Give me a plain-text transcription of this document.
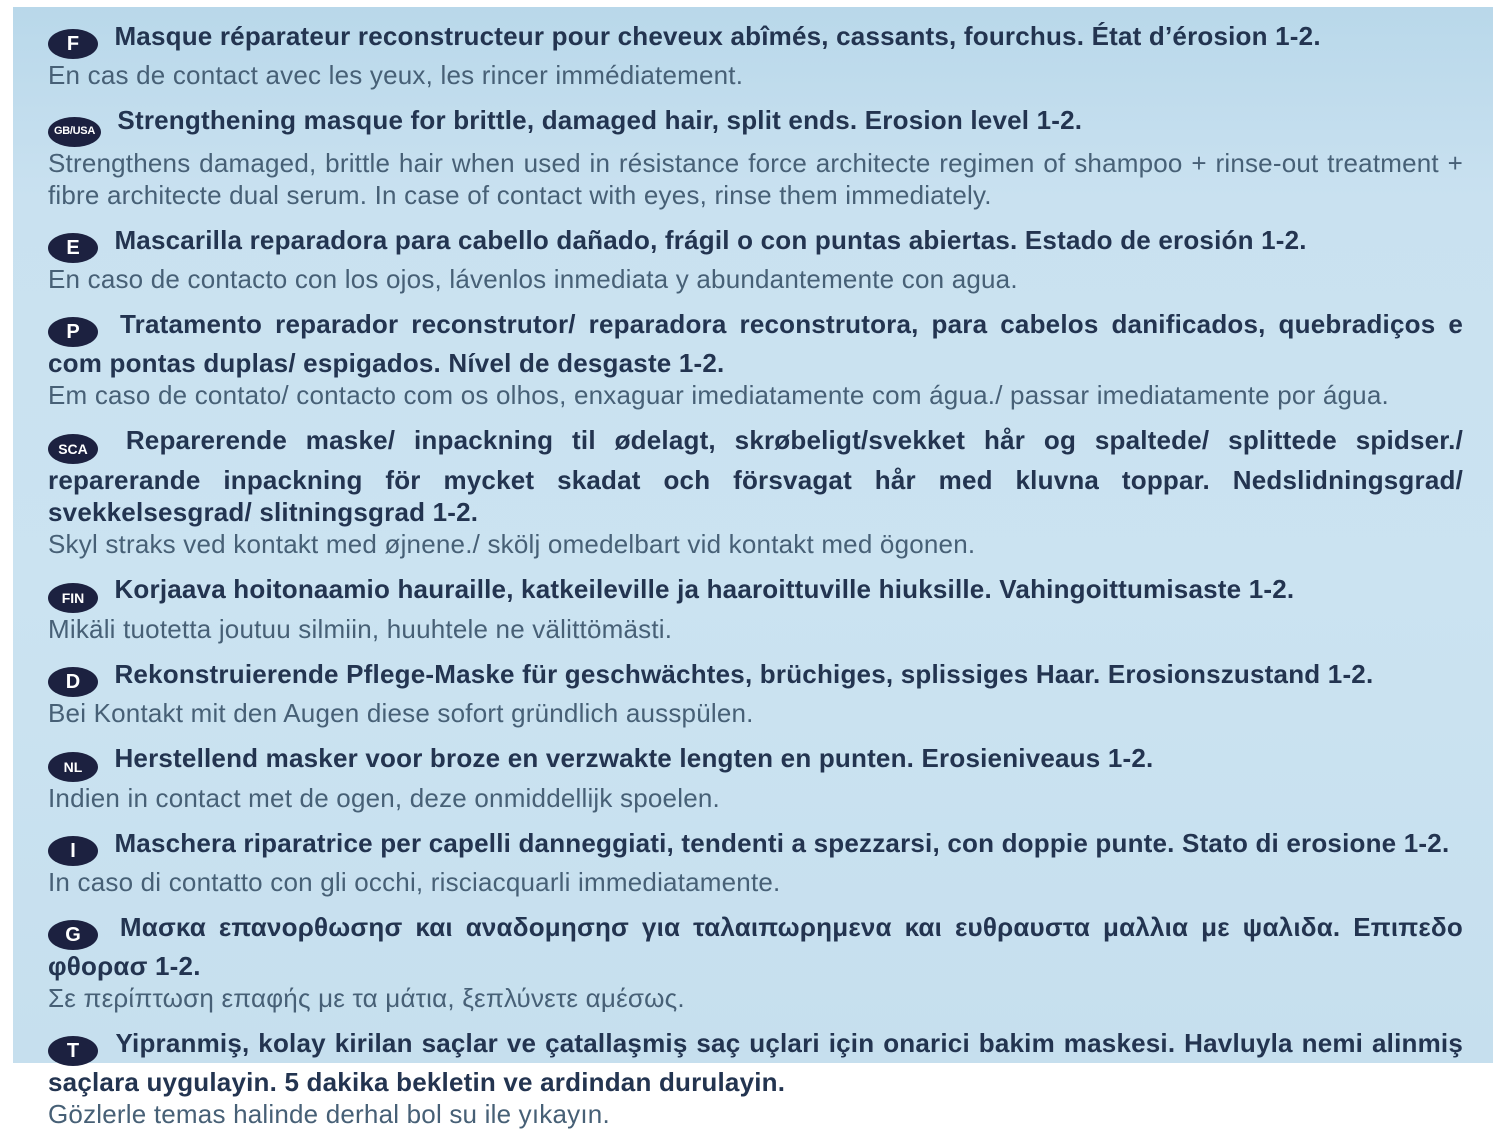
F Masque réparateur reconstructeur pour cheveux abîmés, cassants, fourchus. État d’érosion 1-2.

En cas de contact avec les yeux, les rincer immédiatement.

GB/USA Strengthening masque for brittle, damaged hair, split ends. Erosion level 1-2.

Strengthens damaged, brittle hair when used in résistance force architecte regimen of shampoo + rinse-out treatment + fibre architecte dual serum. In case of contact with eyes, rinse them immediately.

E Mascarilla reparadora para cabello dañado, frágil o con puntas abiertas. Estado de erosión 1-2.

En caso de contacto con los ojos, lávenlos inmediata y abundantemente con agua.

P Tratamento reparador reconstrutor/ reparadora reconstrutora, para cabelos danificados, quebradiços e com pontas duplas/ espigados. Nível de desgaste 1-2.

Em caso de contato/ contacto com os olhos, enxaguar imediatamente com água./ passar imediatamente por água.

SCA Reparerende maske/ inpackning til ødelagt, skrøbeligt/svekket hår og spaltede/ splittede spidser./ reparerande inpackning för mycket skadat och försvagat hår med kluvna toppar. Nedslidningsgrad/ svekkelsesgrad/ slitningsgrad 1-2.

Skyl straks ved kontakt med øjnene./ skölj omedelbart vid kontakt med ögonen.

FIN Korjaava hoitonaamio hauraille, katkeileville ja haaroittuville hiuksille. Vahingoittumisaste 1-2.

Mikäli tuotetta joutuu silmiin, huuhtele ne välittömästi.

D Rekonstruierende Pflege-Maske für geschwächtes, brüchiges, splissiges Haar. Erosionszustand 1-2.

Bei Kontakt mit den Augen diese sofort gründlich ausspülen.

NL Herstellend masker voor broze en verzwakte lengten en punten. Erosieniveaus 1-2.

Indien in contact met de ogen, deze onmiddellijk spoelen.

I Maschera riparatrice per capelli danneggiati, tendenti a spezzarsi, con doppie punte. Stato di erosione 1-2.

In caso di contatto con gli occhi, risciacquarli immediatamente.

G Μασκα επανορθωσησ και αναδομησησ για ταλαιπωρημενα και ευθραυστα μαλλια με ψαλιδα. Επιπεδο φθορασ 1-2.

Σε περίπτωση επαφής με τα μάτια, ξεπλύνετε αμέσως.

T Yipranmiş, kolay kirilan saçlar ve çatallaşmiş saç uçlari için onarici bakim maskesi. Havluyla nemi alinmiş saçlara uygulayin. 5 dakika bekletin ve ardindan durulayin.

Gözlerle temas halinde derhal bol su ile yıkayın.
